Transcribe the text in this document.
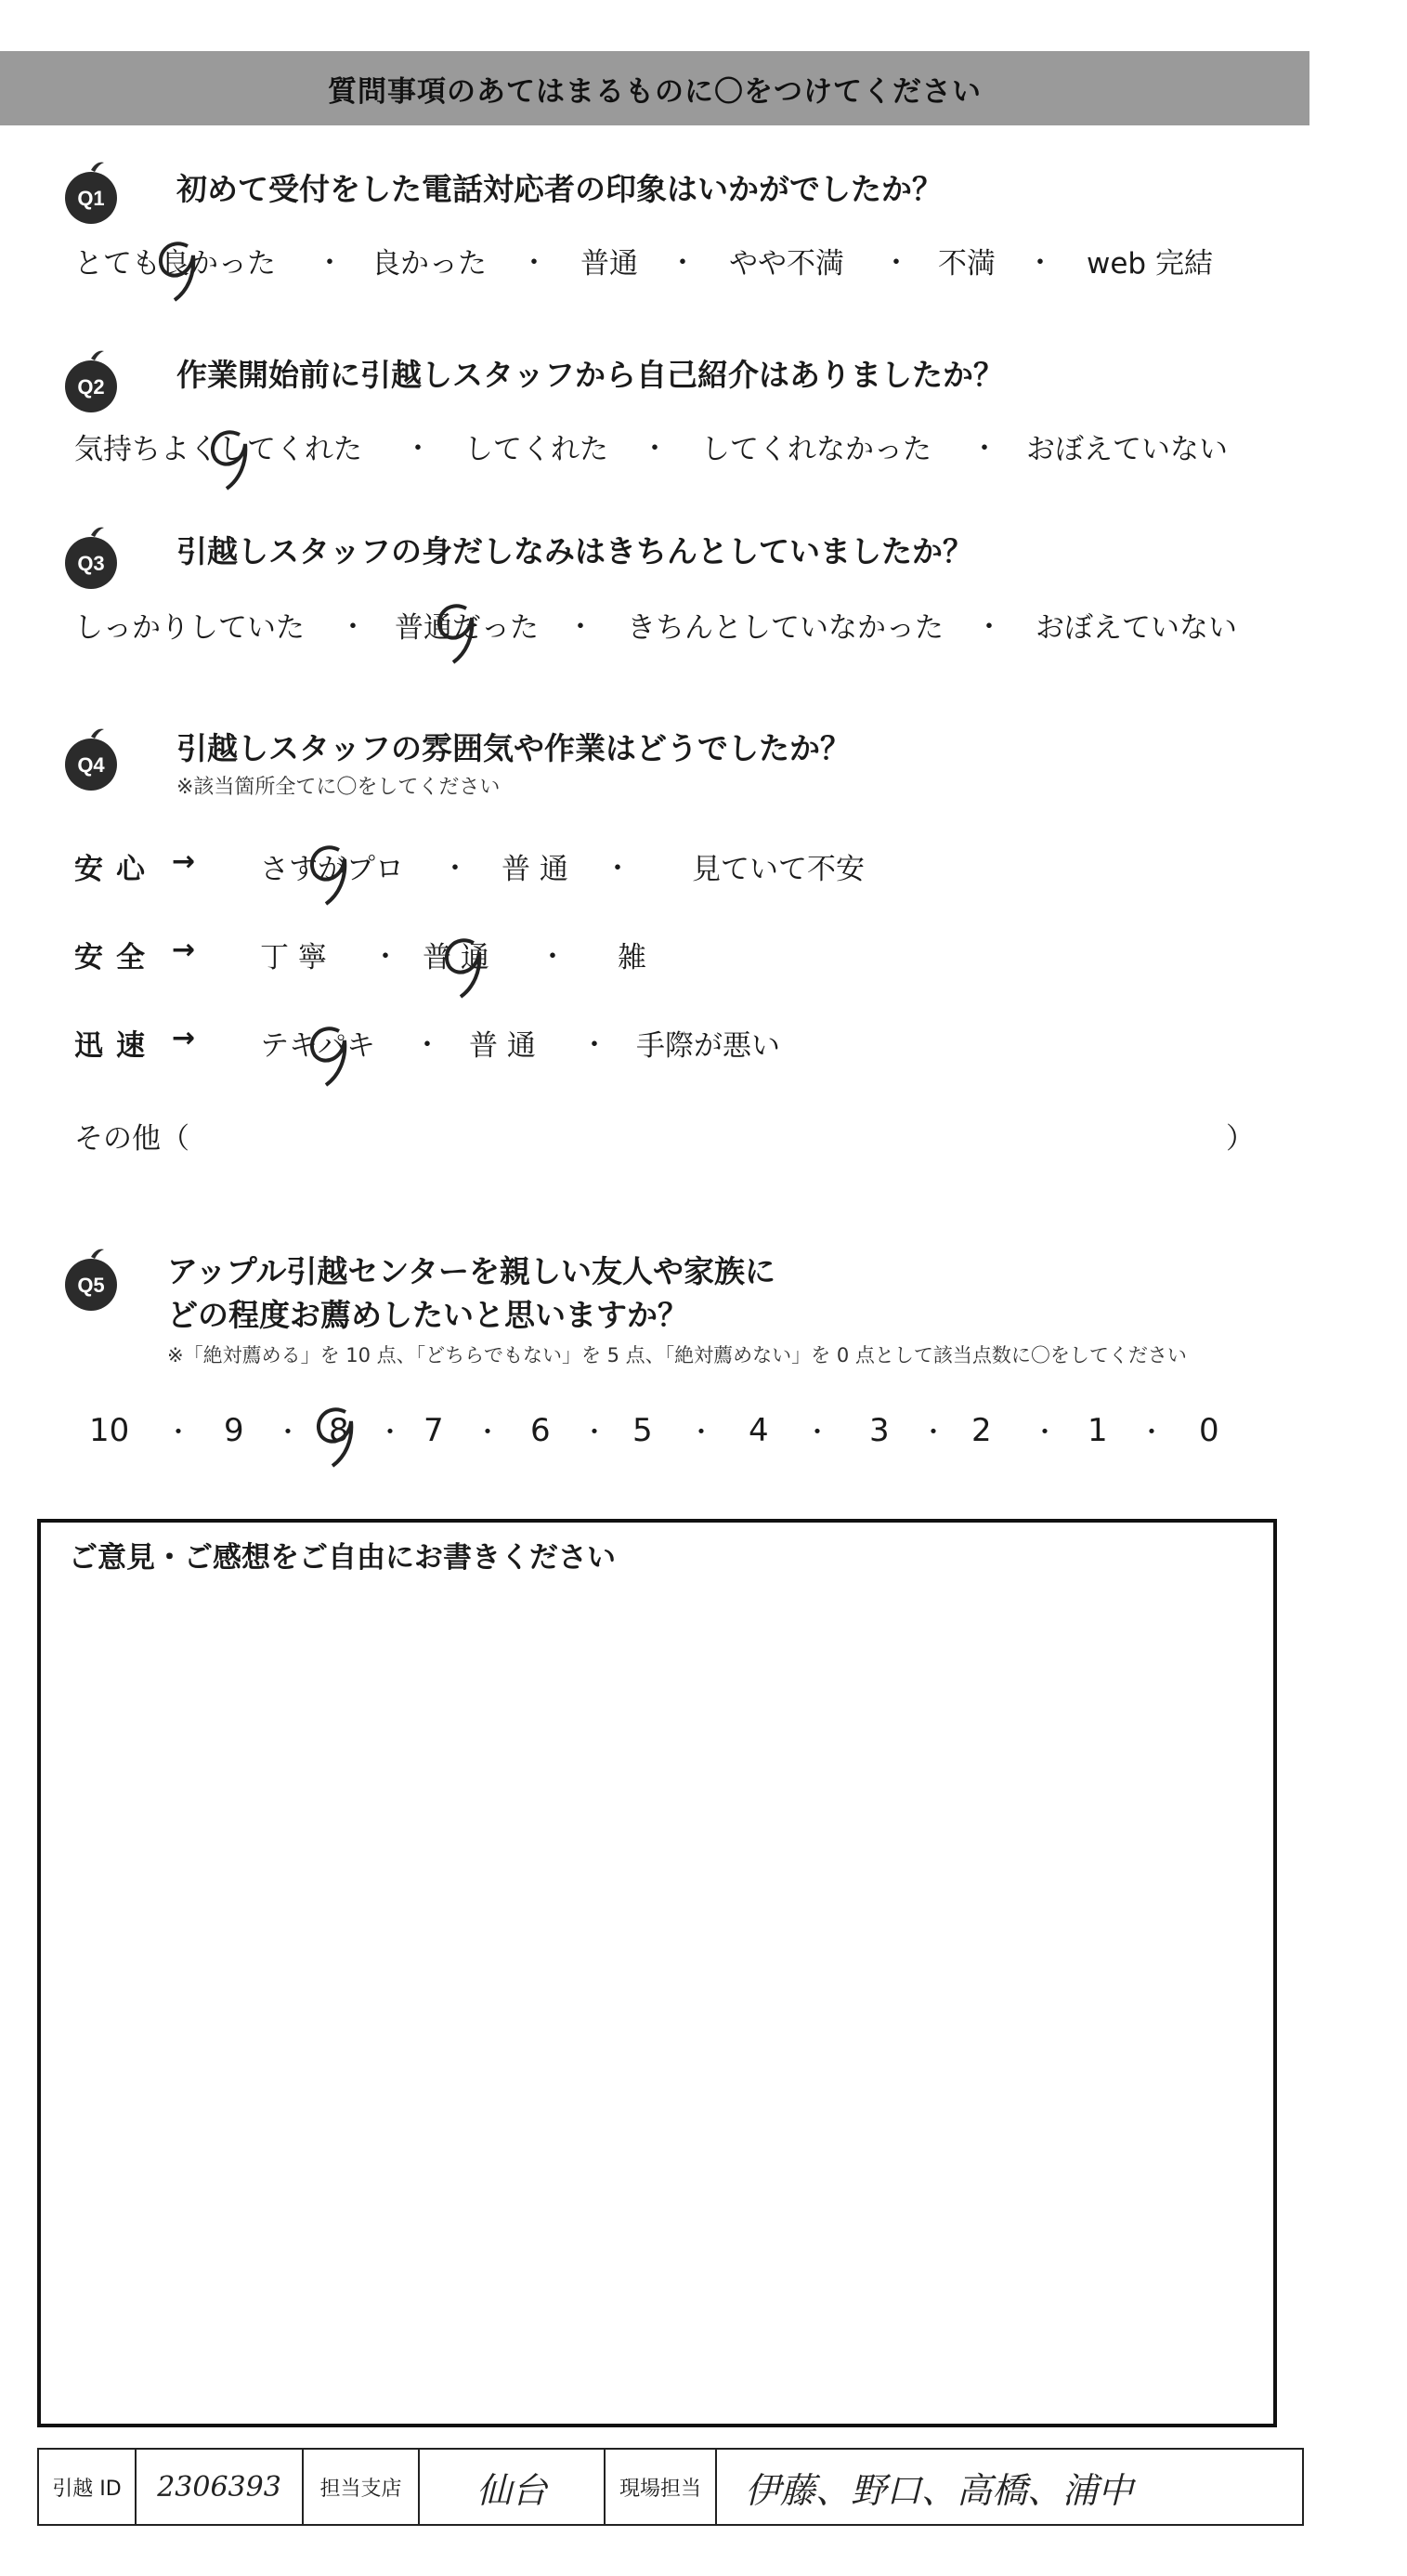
質問事項のあてはまるものに〇をつけてください
Q1 初めて受付をした電話対応者の印象はいかがでしたか？
とても良かった ・ 良かった ・ 普通 ・ やや不満 ・ 不満 ・ web 完結
Q2 作業開始前に引越しスタッフから自己紹介はありましたか？
気持ちよくしてくれた ・ してくれた ・ してくれなかった ・ おぼえていない
Q3 引越しスタッフの身だしなみはきちんとしていましたか？
しっかりしていた ・ 普通だった ・ きちんとしていなかった ・ おぼえていない
Q4 引越しスタッフの雰囲気や作業はどうでしたか？
※該当箇所全てに〇をしてください
安心 → さすがプロ ・ 普 通 ・ 見ていて不安
安全 → 丁 寧 ・ 普 通 ・ 雑
迅速 → テキパキ ・ 普 通 ・ 手際が悪い
その他（	）
Q5 アップル引越センターを親しい友人や家族に
どの程度お薦めしたいと思いますか？
※「絶対薦める」を 10 点、「どちらでもない」を 5 点、「絶対薦めない」を 0 点として該当点数に〇をしてください
10 ・ 9 ・ 8 ・ 7 ・ 6 ・ 5 ・ 4 ・ 3 ・ 2 ・ 1 ・ 0
ご意見・ご感想をご自由にお書きください
引越 ID	2306393	担当支店	仙台	現場担当	伊藤、野口、高橋、浦中
